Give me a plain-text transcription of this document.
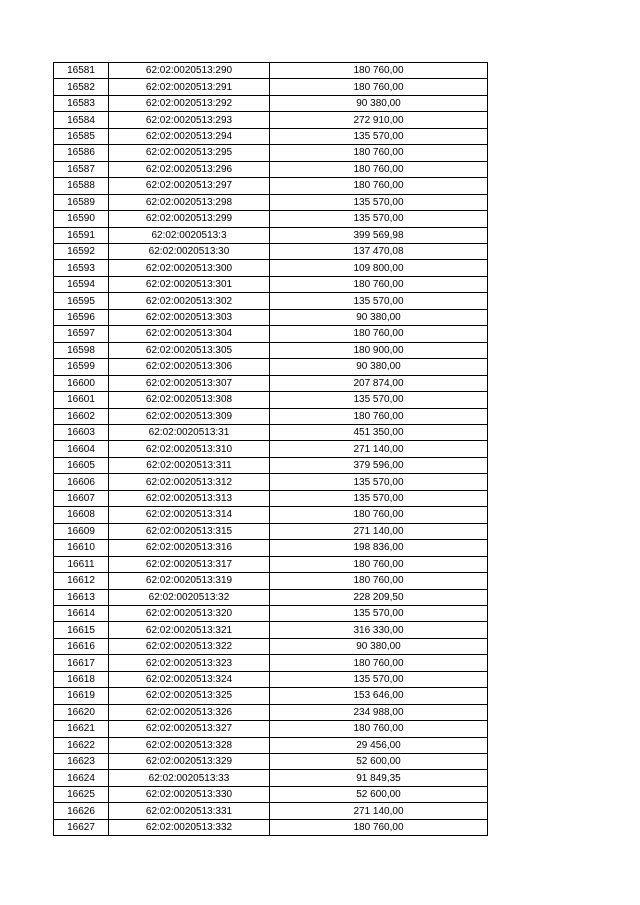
16581	62:02:0020513:290	180 760,00
16582	62:02:0020513:291	180 760,00
16583	62:02:0020513:292	90 380,00
16584	62:02:0020513:293	272 910,00
16585	62:02:0020513:294	135 570,00
16586	62:02:0020513:295	180 760,00
16587	62:02:0020513:296	180 760,00
16588	62:02:0020513:297	180 760,00
16589	62:02:0020513:298	135 570,00
16590	62:02:0020513:299	135 570,00
16591	62:02:0020513:3	399 569,98
16592	62:02:0020513:30	137 470,08
16593	62:02:0020513:300	109 800,00
16594	62:02:0020513:301	180 760,00
16595	62:02:0020513:302	135 570,00
16596	62:02:0020513:303	90 380,00
16597	62:02:0020513:304	180 760,00
16598	62:02:0020513:305	180 900,00
16599	62:02:0020513:306	90 380,00
16600	62:02:0020513:307	207 874,00
16601	62:02:0020513:308	135 570,00
16602	62:02:0020513:309	180 760,00
16603	62:02:0020513:31	451 350,00
16604	62:02:0020513:310	271 140,00
16605	62:02:0020513:311	379 596,00
16606	62:02:0020513:312	135 570,00
16607	62:02:0020513:313	135 570,00
16608	62:02:0020513:314	180 760,00
16609	62:02:0020513:315	271 140,00
16610	62:02:0020513:316	198 836,00
16611	62:02:0020513:317	180 760,00
16612	62:02:0020513:319	180 760,00
16613	62:02:0020513:32	228 209,50
16614	62:02:0020513:320	135 570,00
16615	62:02:0020513:321	316 330,00
16616	62:02:0020513:322	90 380,00
16617	62:02:0020513:323	180 760,00
16618	62:02:0020513:324	135 570,00
16619	62:02:0020513:325	153 646,00
16620	62:02:0020513:326	234 988,00
16621	62:02:0020513:327	180 760,00
16622	62:02:0020513:328	29 456,00
16623	62:02:0020513:329	52 600,00
16624	62:02:0020513:33	91 849,35
16625	62:02:0020513:330	52 600,00
16626	62:02:0020513:331	271 140,00
16627	62:02:0020513:332	180 760,00
